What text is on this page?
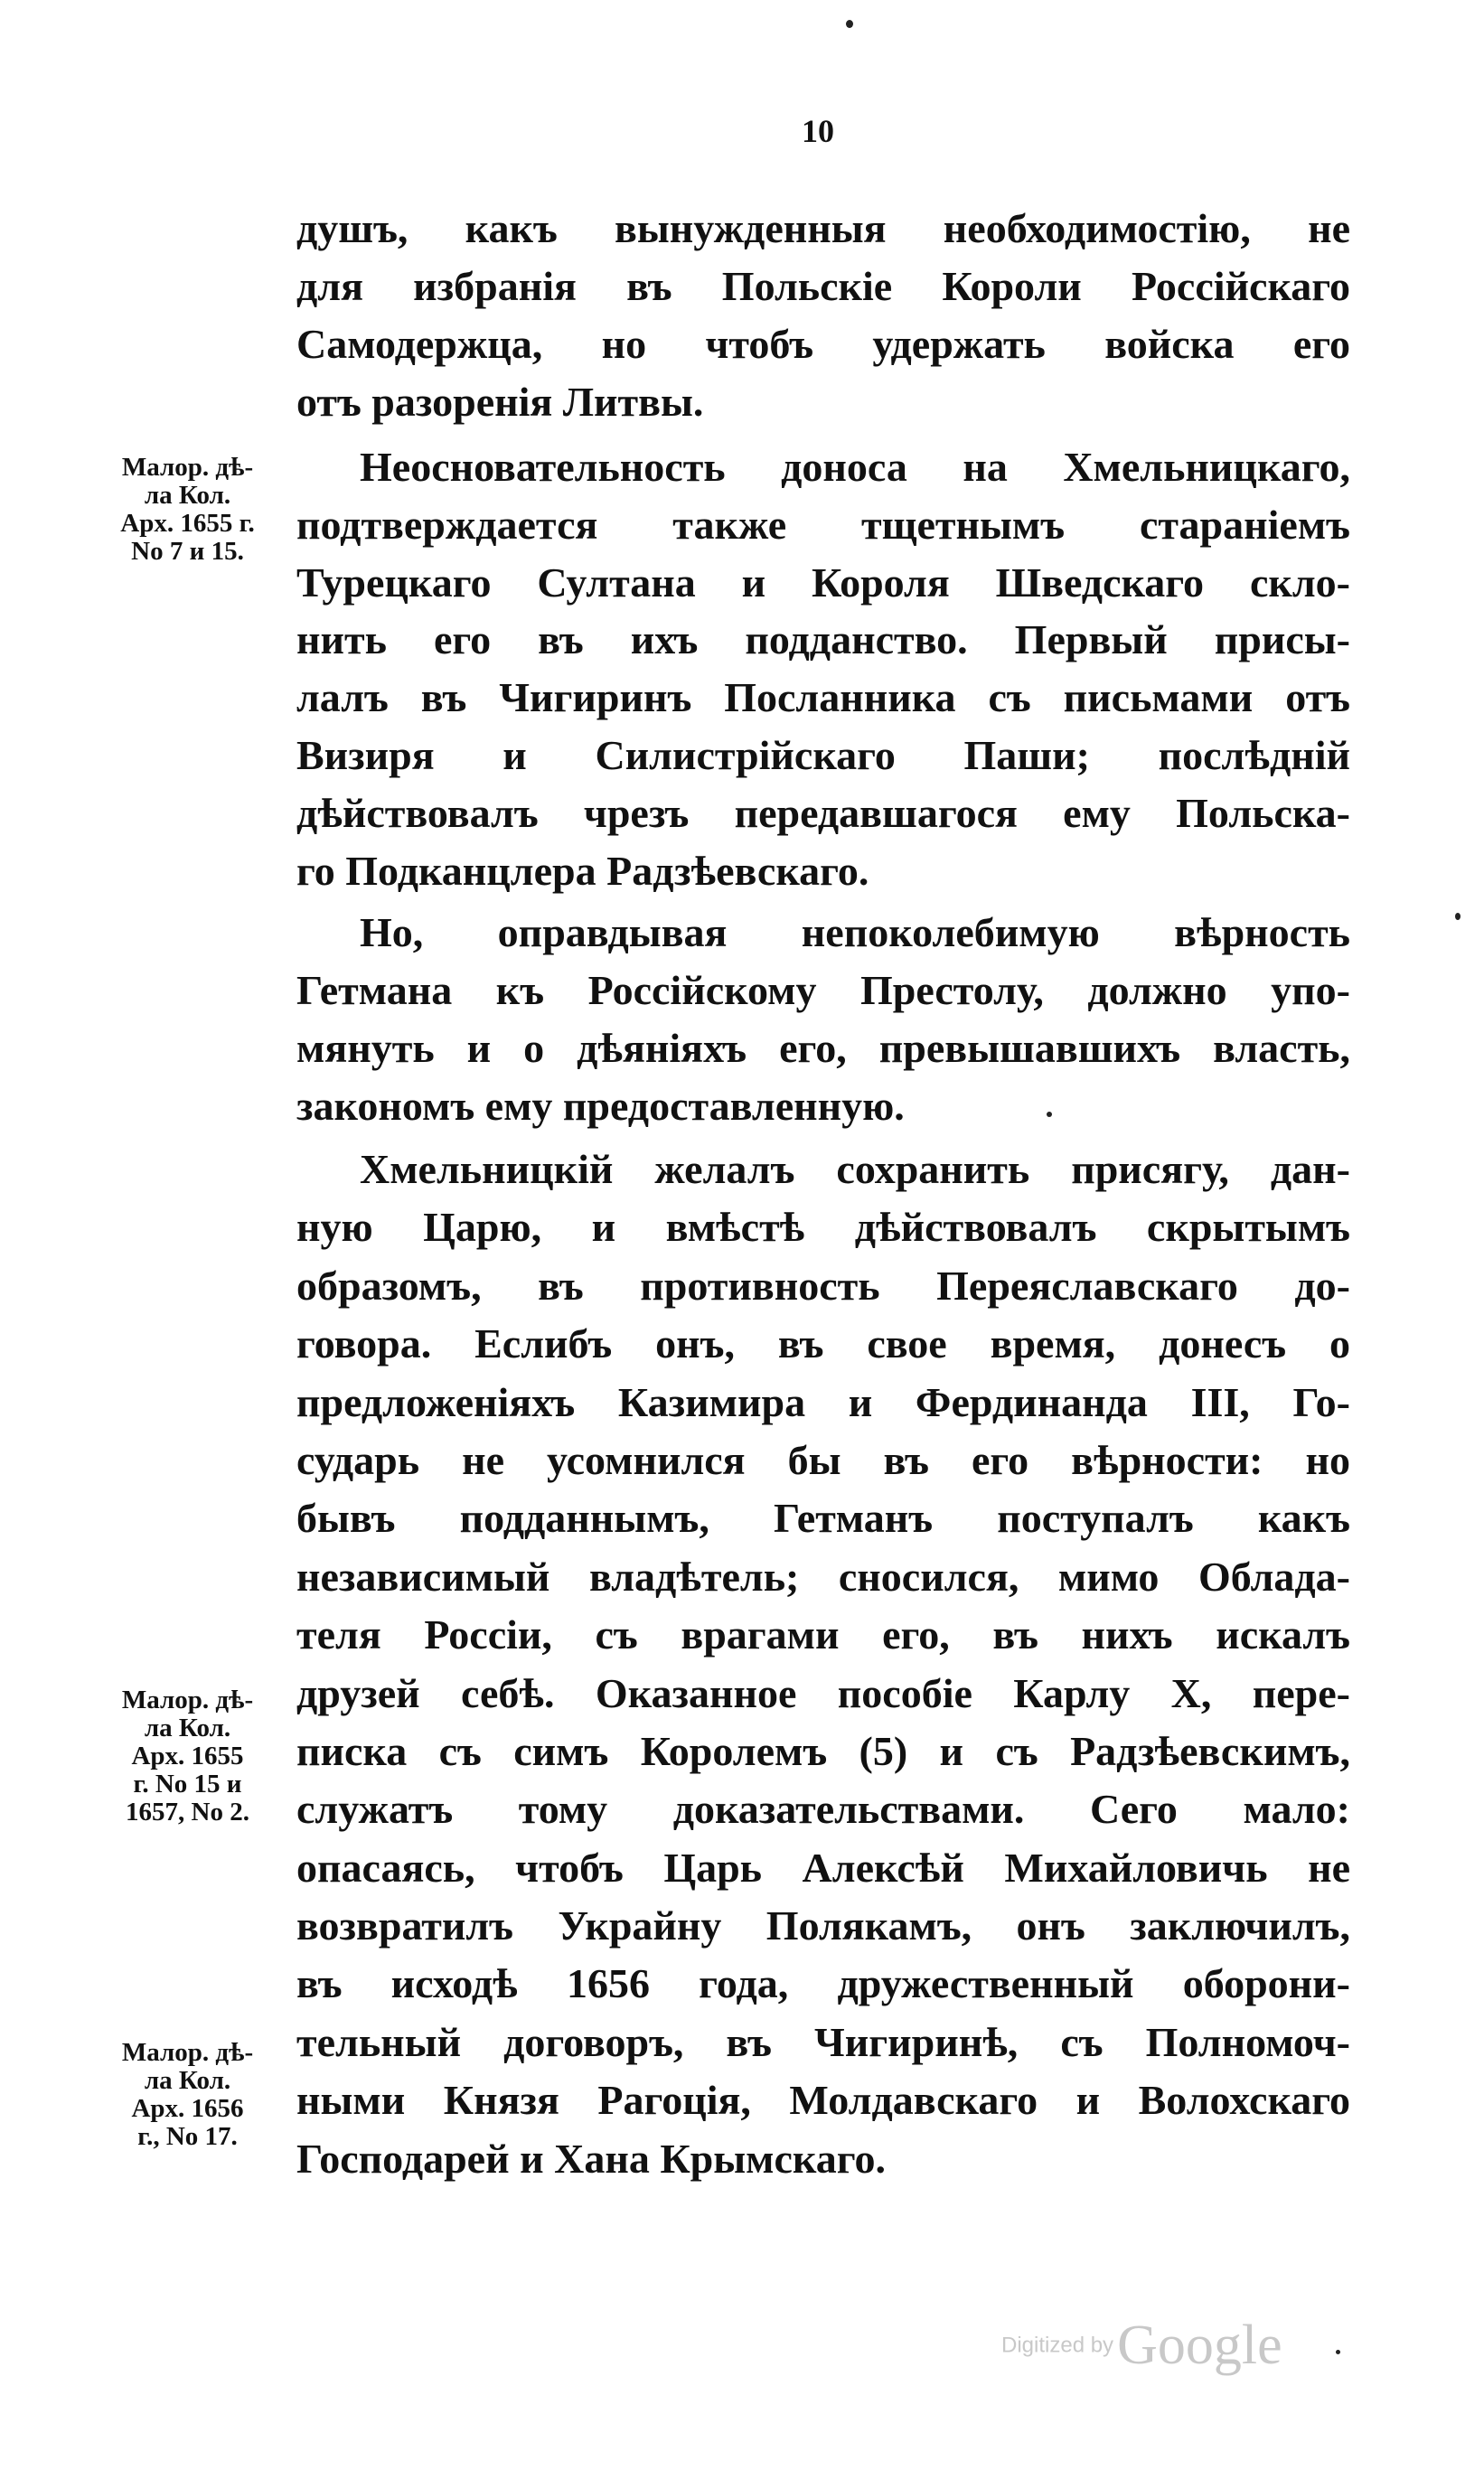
10
душъ, какъ вынужденныя необходимостію, не
для избранія въ Польскіе Короли Россійскаго
Самодержца, но чтобъ удержать войска его
отъ разоренія Литвы.
Неосновательность доноса на Хмельницкаго,
подтверждается также тщетнымъ стараніемъ
Турецкаго Султана и Короля Шведскаго скло-
нить его въ ихъ подданство. Первый присы-
лалъ въ Чигиринъ Посланника съ письмами отъ
Визиря и Силистрійскаго Паши; послѣдній
дѣйствовалъ чрезъ передавшагося ему Польска-
го Подканцлера Радзѣевскаго.
Но, оправдывая непоколебимую вѣрность
Гетмана къ Россійскому Престолу, должно упо-
мянуть и о дѣяніяхъ его, превышавшихъ власть,
закономъ ему предоставленную.
Хмельницкій желалъ сохранить присягу, дан-
ную Царю, и вмѣстѣ дѣйствовалъ скрытымъ
образомъ, въ противность Переяславскаго до-
говора. Еслибъ онъ, въ свое время, донесъ о
предложеніяхъ Казимира и Фердинанда III, Го-
сударь не усомнился бы въ его вѣрности: но
бывъ подданнымъ, Гетманъ поступалъ какъ
независимый владѣтель; сносился, мимо Облада-
теля Россіи, съ врагами его, въ нихъ искалъ
друзей себѣ. Оказанное пособіе Карлу X, пере-
писка съ симъ Королемъ (5) и съ Радзѣевскимъ,
служатъ тому доказательствами. Сего мало:
опасаясь, чтобъ Царь Алексѣй Михайловичь не
возвратилъ Украйну Полякамъ, онъ заключилъ,
въ исходѣ 1656 года, дружественный оборони-
тельный договоръ, въ Чигиринѣ, съ Полномоч-
ными Князя Рагоція, Молдавскаго и Волохскаго
Господарей и Хана Крымскаго.
Малор. дѣ-
ла Кол.
Арх. 1655 г.
No 7 и 15.
Малор. дѣ-
ла Кол.
Арх. 1655
г. No 15 и
1657, No 2.
Малор. дѣ-
ла Кол.
Арх. 1656
г., No 17.
Digitized by Google
